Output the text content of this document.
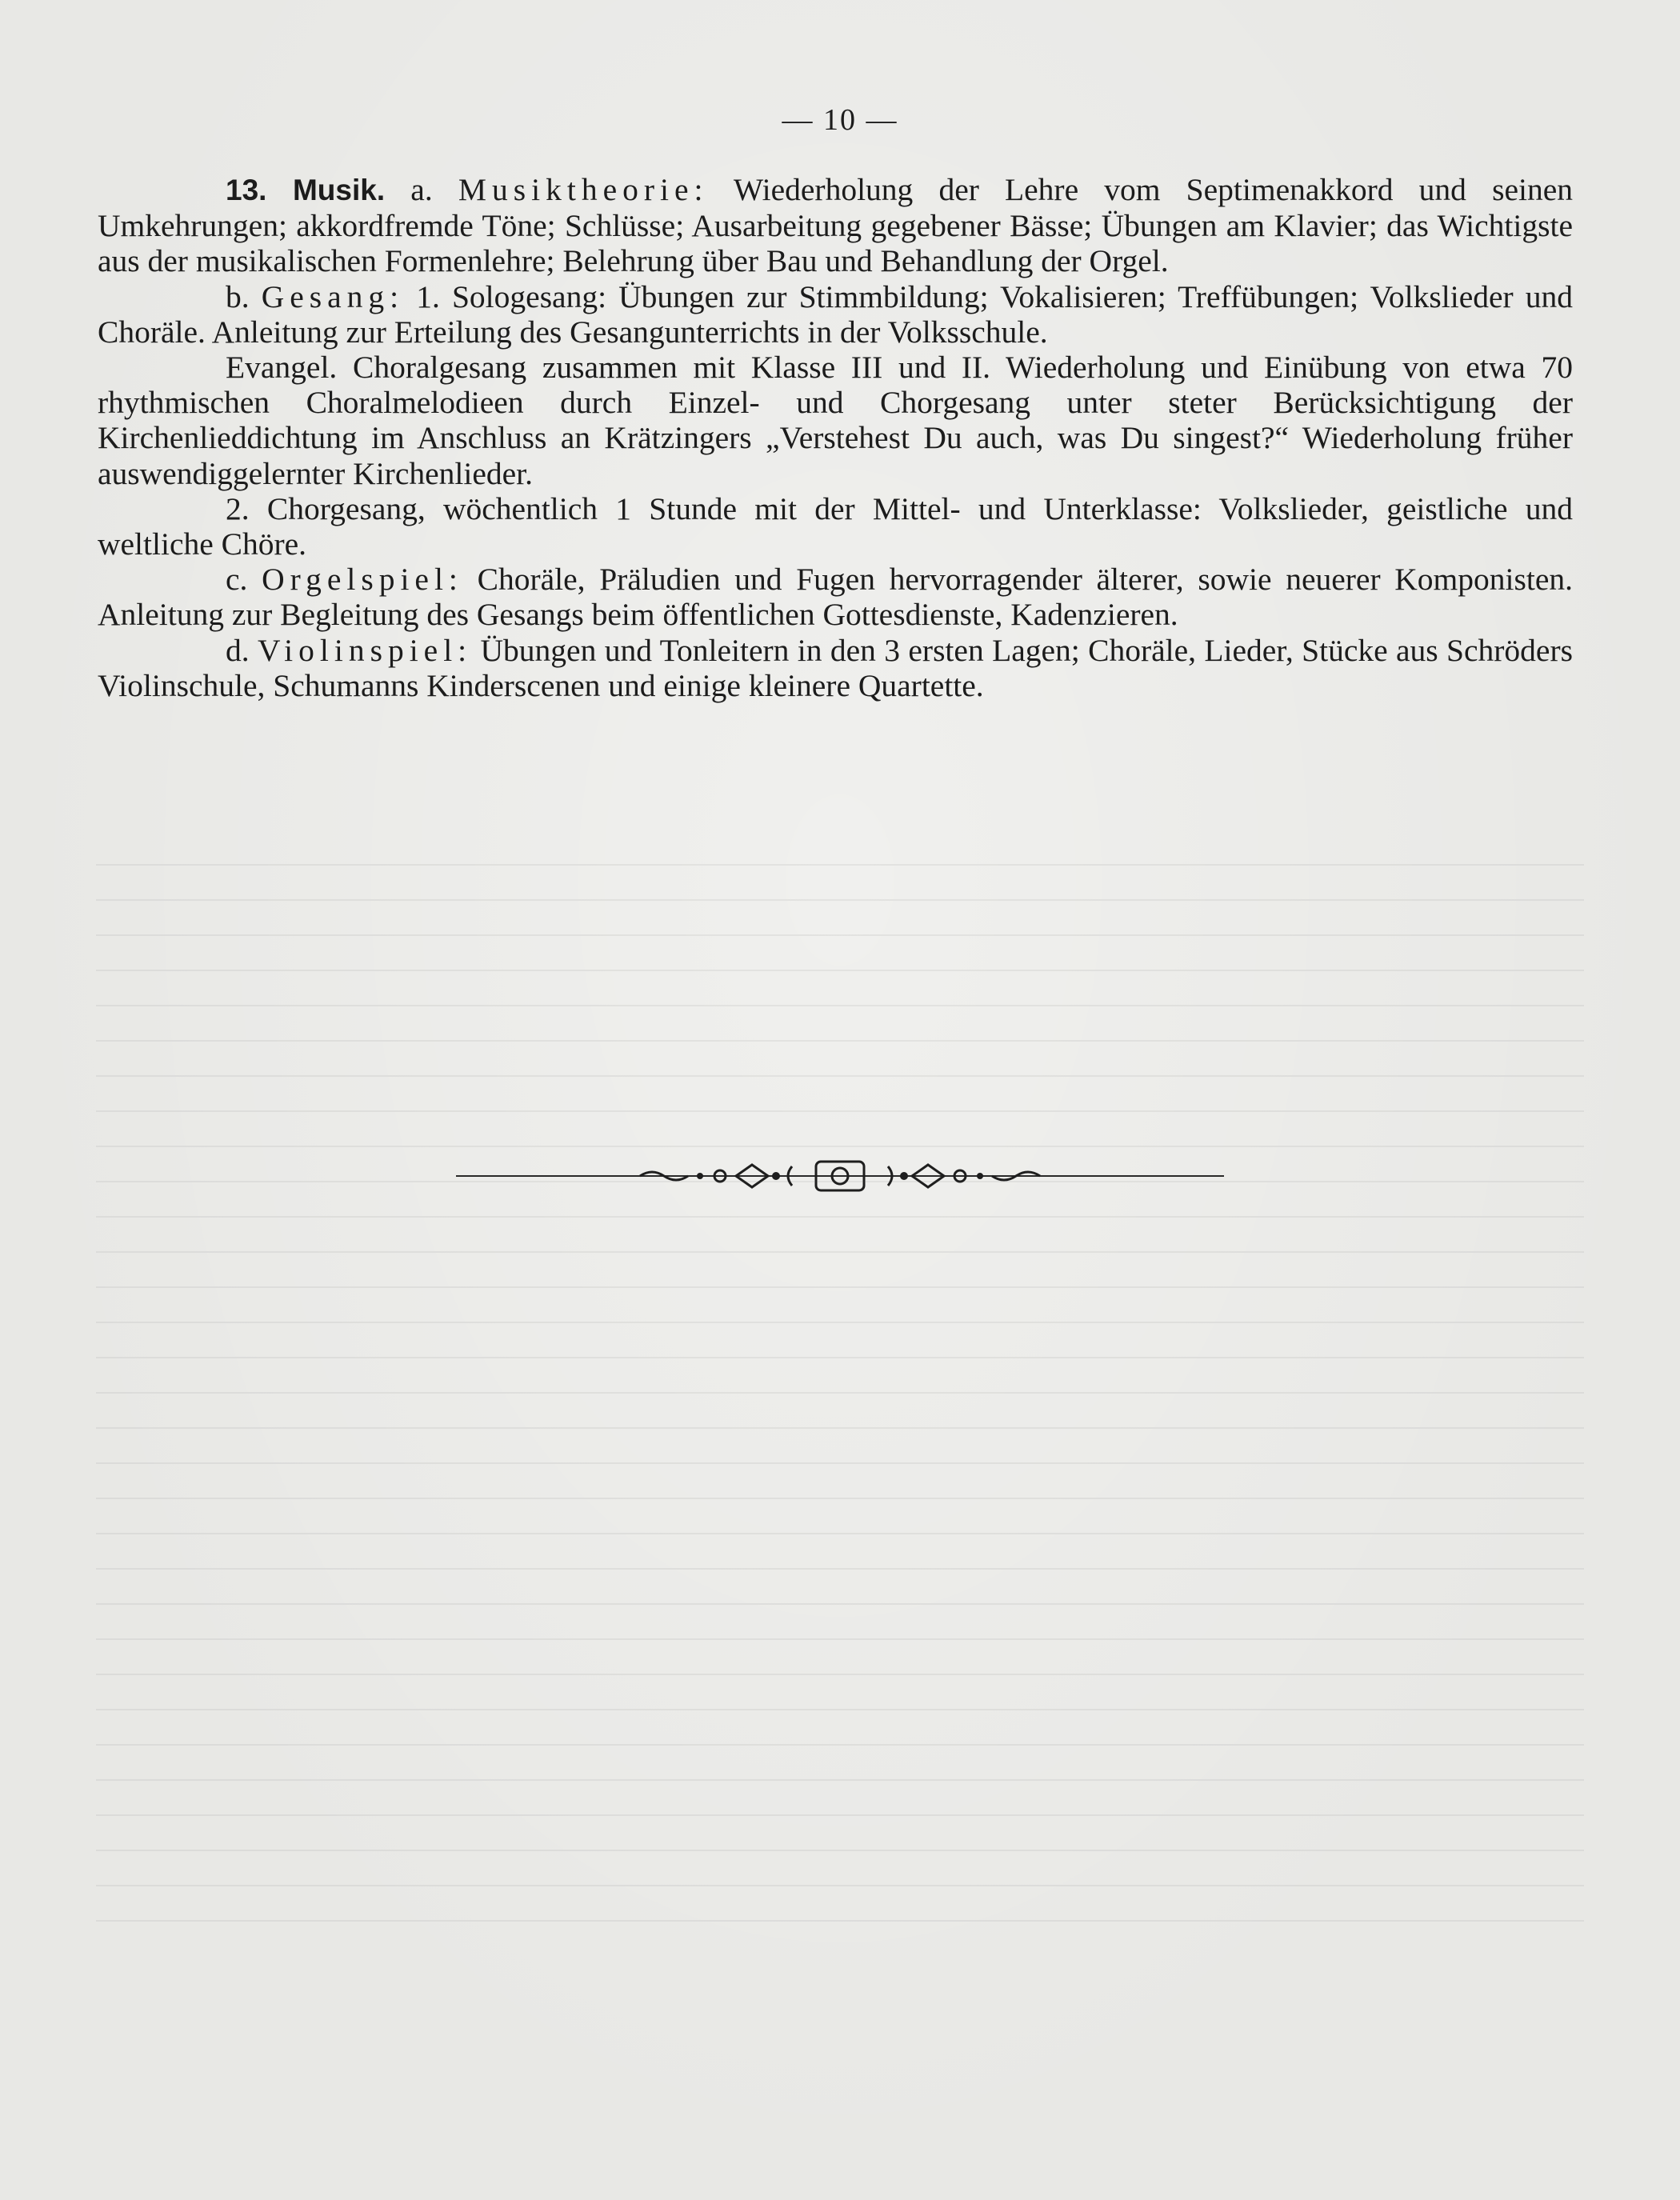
— 10 —

13. Musik. a. Musiktheorie: Wiederholung der Lehre vom Septimenakkord und seinen Umkehrungen; akkordfremde Töne; Schlüsse; Ausarbeitung gegebener Bässe; Übungen am Klavier; das Wichtigste aus der musikalischen Formenlehre; Belehrung über Bau und Behandlung der Orgel.

b. Gesang: 1. Sologesang: Übungen zur Stimmbildung; Vokalisieren; Treffübungen; Volkslieder und Choräle. Anleitung zur Erteilung des Gesangunterrichts in der Volksschule.

Evangel. Choralgesang zusammen mit Klasse III und II. Wiederholung und Einübung von etwa 70 rhythmischen Choralmelodieen durch Einzel- und Chorgesang unter steter Berücksichtigung der Kirchenlieddichtung im Anschluss an Krätzingers „Verstehest Du auch, was Du singest?“ Wiederholung früher auswendiggelernter Kirchenlieder.

2. Chorgesang, wöchentlich 1 Stunde mit der Mittel- und Unterklasse: Volkslieder, geistliche und weltliche Chöre.

c. Orgelspiel: Choräle, Präludien und Fugen hervorragender älterer, sowie neuerer Komponisten. Anleitung zur Begleitung des Gesangs beim öffentlichen Gottesdienste, Kadenzieren.

d. Violinspiel: Übungen und Tonleitern in den 3 ersten Lagen; Choräle, Lieder, Stücke aus Schröders Violinschule, Schumanns Kinderscenen und einige kleinere Quartette.
